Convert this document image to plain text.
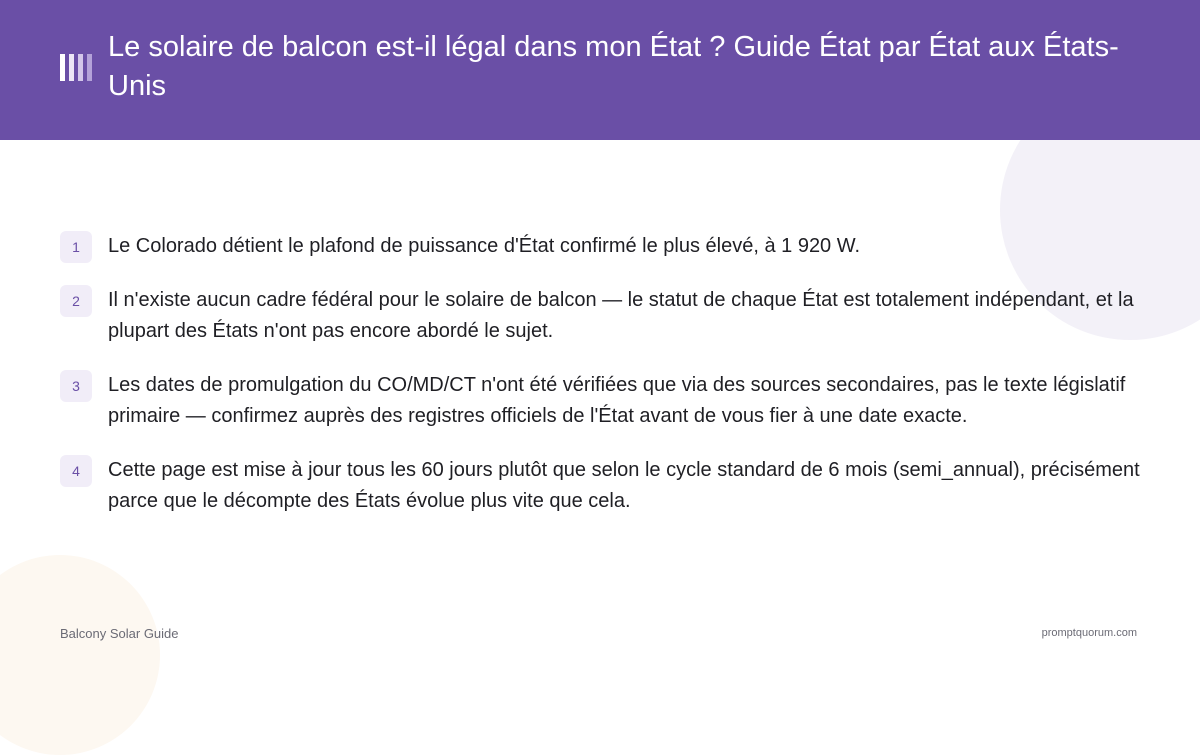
Le solaire de balcon est-il légal dans mon État ? Guide État par État aux États-Unis
1	Le Colorado détient le plafond de puissance d'État confirmé le plus élevé, à 1 920 W.
2	Il n'existe aucun cadre fédéral pour le solaire de balcon — le statut de chaque État est totalement indépendant, et la plupart des États n'ont pas encore abordé le sujet.
3	Les dates de promulgation du CO/MD/CT n'ont été vérifiées que via des sources secondaires, pas le texte législatif primaire — confirmez auprès des registres officiels de l'État avant de vous fier à une date exacte.
4	Cette page est mise à jour tous les 60 jours plutôt que selon le cycle standard de 6 mois (semi_annual), précisément parce que le décompte des États évolue plus vite que cela.
Balcony Solar Guide	promptquorum.com
